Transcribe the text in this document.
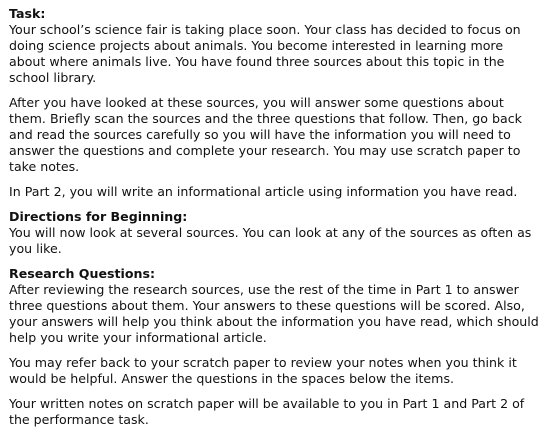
Task:

Your school’s science fair is taking place soon. Your class has decided to focus on doing science projects about animals. You become interested in learning more about where animals live. You have found three sources about this topic in the school library.

After you have looked at these sources, you will answer some questions about them. Briefly scan the sources and the three questions that follow. Then, go back and read the sources carefully so you will have the information you will need to answer the questions and complete your research. You may use scratch paper to take notes.

In Part 2, you will write an informational article using information you have read.

Directions for Beginning:

You will now look at several sources. You can look at any of the sources as often as you like.

Research Questions:

After reviewing the research sources, use the rest of the time in Part 1 to answer three questions about them. Your answers to these questions will be scored. Also, your answers will help you think about the information you have read, which should help you write your informational article.

You may refer back to your scratch paper to review your notes when you think it would be helpful. Answer the questions in the spaces below the items.

Your written notes on scratch paper will be available to you in Part 1 and Part 2 of the performance task.
